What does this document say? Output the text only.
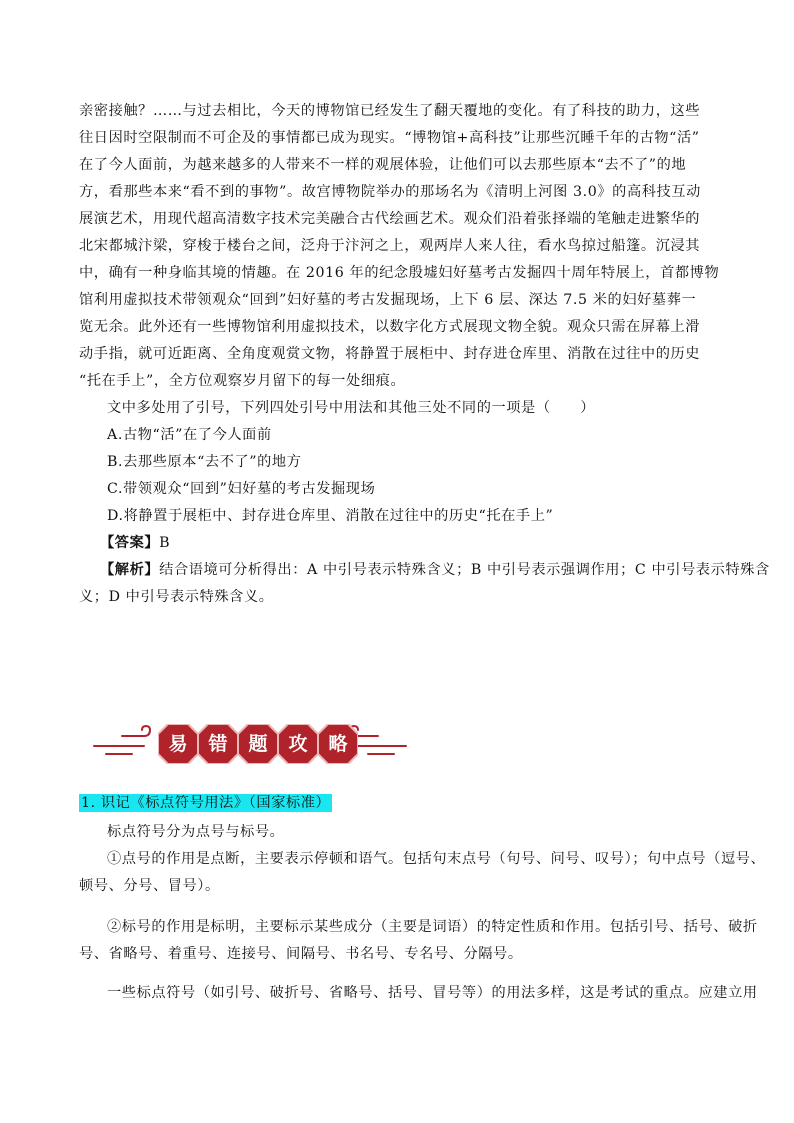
亲密接触？……与过去相比，今天的博物馆已经发生了翻天覆地的变化。有了科技的助力，这些

往日因时空限制而不可企及的事情都已成为现实。“博物馆+高科技”让那些沉睡千年的古物“活”

在了今人面前，为越来越多的人带来不一样的观展体验，让他们可以去那些原本“去不了”的地

方，看那些本来“看不到的事物”。故宫博物院举办的那场名为《清明上河图 3.0》的高科技互动

展演艺术，用现代超高清数字技术完美融合古代绘画艺术。观众们沿着张择端的笔触走进繁华的

北宋都城汴梁，穿梭于楼台之间，泛舟于汴河之上，观两岸人来人往，看水鸟掠过船篷。沉浸其

中，确有一种身临其境的情趣。在 2016 年的纪念殷墟妇好墓考古发掘四十周年特展上，首都博物

馆利用虚拟技术带领观众“回到”妇好墓的考古发掘现场，上下 6 层、深达 7.5 米的妇好墓葬一

览无余。此外还有一些博物馆利用虚拟技术，以数字化方式展现文物全貌。观众只需在屏幕上滑

动手指，就可近距离、全角度观赏文物，将静置于展柜中、封存进仓库里、消散在过往中的历史

“托在手上”，全方位观察岁月留下的每一处细痕。

文中多处用了引号，下列四处引号中用法和其他三处不同的一项是（　　）

A.古物“活”在了今人面前

B.去那些原本“去不了”的地方

C.带领观众“回到”妇好墓的考古发掘现场

D.将静置于展柜中、封存进仓库里、消散在过往中的历史“托在手上”

【答案】B

【解析】结合语境可分析得出：A 中引号表示特殊含义；B 中引号表示强调作用；C 中引号表示特殊含

义；D 中引号表示特殊含义。

易	错	题	攻	略

1. 识记《标点符号用法》（国家标准）

标点符号分为点号与标号。

①点号的作用是点断，主要表示停顿和语气。包括句末点号（句号、问号、叹号）；句中点号（逗号、

顿号、分号、冒号）。

②标号的作用是标明，主要标示某些成分（主要是词语）的特定性质和作用。包括引号、括号、破折

号、省略号、着重号、连接号、间隔号、书名号、专名号、分隔号。

一些标点符号（如引号、破折号、省略号、括号、冒号等）的用法多样，这是考试的重点。应建立用
